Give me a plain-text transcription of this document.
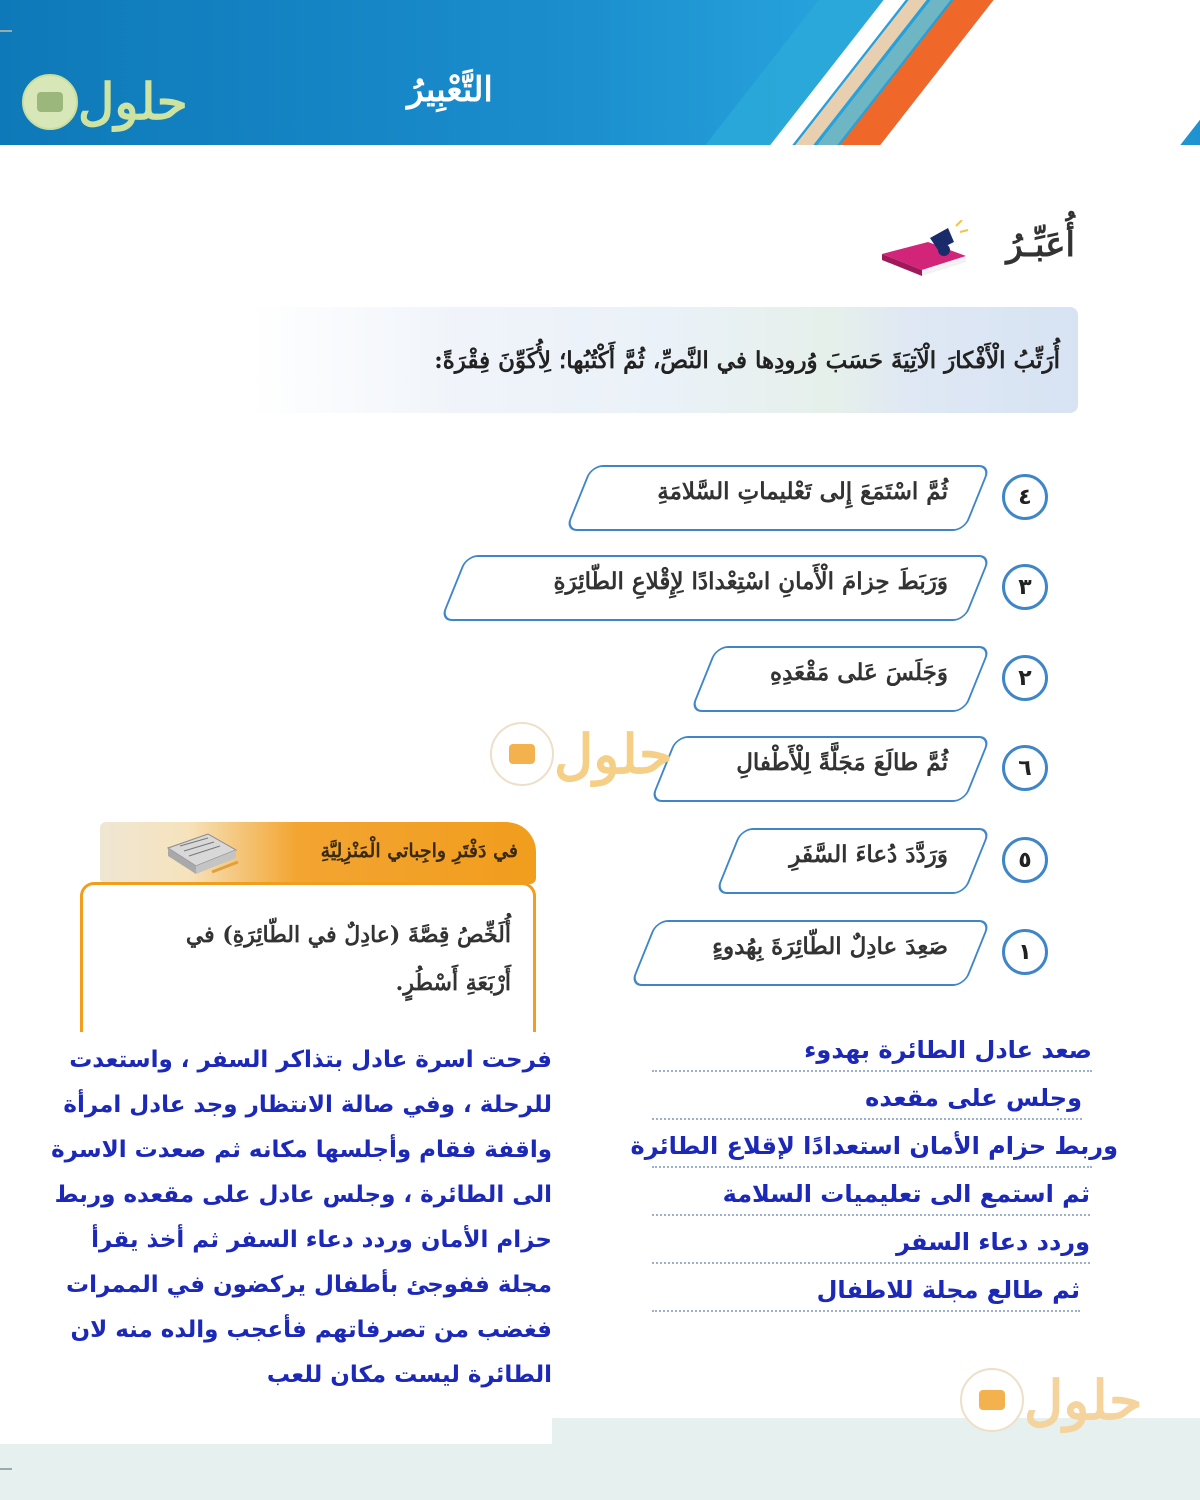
التَّعْبِيرُ
حلول
أُعَبِّـرُ
أُرَتِّبُ الْأَفْكارَ الْآتِيَةَ حَسَبَ وُرودِها في النَّصِّ، ثُمَّ أَكْتُبُها؛ لِأُكَوِّنَ فِقْرَةً:
ثُمَّ اسْتَمَعَ إِلى تَعْليماتِ السَّلامَةِ	٤
وَرَبَطَ حِزامَ الْأَمانِ اسْتِعْدادًا لِإِقْلاعِ الطّائِرَةِ	٣
وَجَلَسَ عَلى مَقْعَدِهِ	٢
ثُمَّ طالَعَ مَجَلَّةً لِلْأَطْفالِ	٦
وَرَدَّدَ دُعاءَ السَّفَرِ	٥
صَعِدَ عادِلٌ الطّائِرَةَ بِهُدوءٍ	١
حلول
في دَفْتَرِ واجِباتي الْمَنْزِلِيَّةِ
أُلَخِّصُ قِصَّةَ (عادِلٌ في الطّائِرَةِ) في
أَرْبَعَةِ أَسْطُرٍ.
فرحت اسرة عادل بتذاكر السفر ، واستعدت
للرحلة ، وفي صالة الانتظار وجد عادل امرأة
واقفة فقام وأجلسها مكانه ثم صعدت الاسرة
الى الطائرة ، وجلس عادل على مقعده وربط
حزام الأمان وردد دعاء السفر ثم أخذ يقرأ
مجلة ففوجئ بأطفال يركضون في الممرات
فغضب من تصرفاتهم فأعجب والده منه لان
الطائرة ليست مكان للعب
صعد عادل الطائرة بهدوء
وجلس على مقعده
وربط حزام الأمان استعدادًا لإقلاع الطائرة
ثم استمع الى تعليميات السلامة
وردد دعاء السفر
ثم طالع مجلة للاطفال
حلول
